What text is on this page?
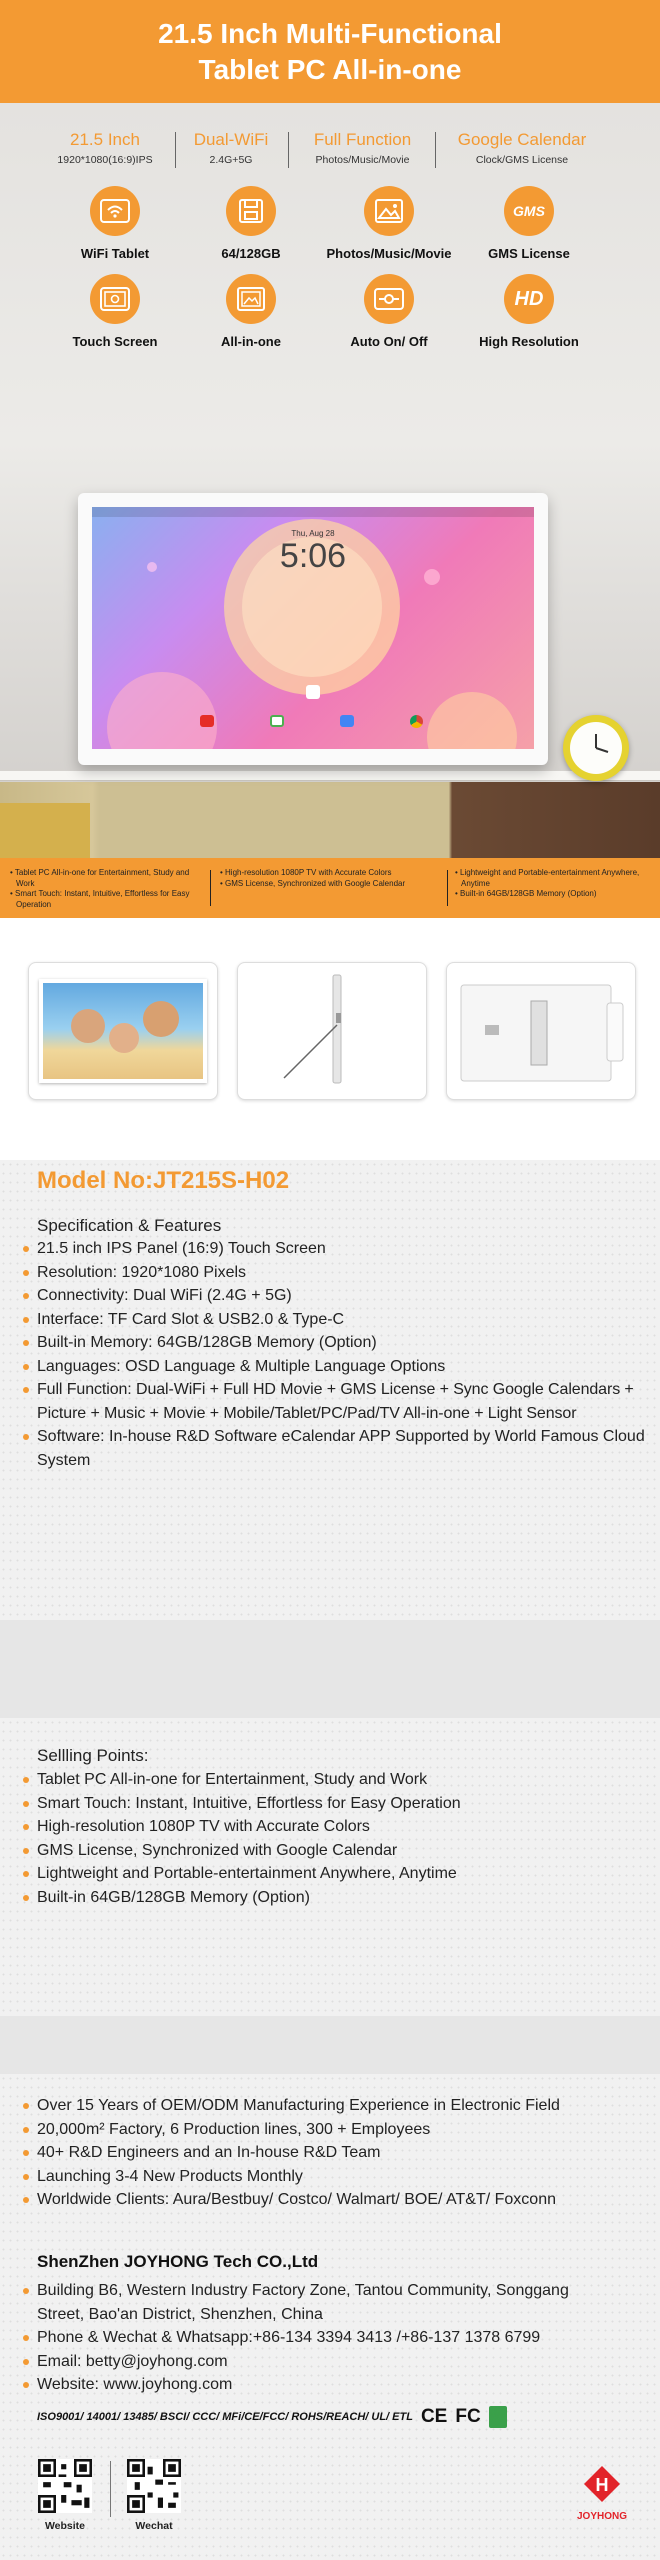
21.5 Inch Multi-Functional
Tablet PC All-in-one
21.5 Inch
1920*1080(16:9)IPS
Dual-WiFi
2.4G+5G
Full Function
Photos/Music/Movie
Google Calendar
Clock/GMS License
WiFi Tablet	64/128GB	Photos/Music/Movie
GMS
GMS License
Touch Screen	All-in-one	Auto On/ Off
HD
High Resolution
Thu, Aug 28
5:06
• Tablet PC All-in-one for Entertainment, Study and Work
• Smart Touch: Instant, Intuitive, Effortless for Easy Operation
• High-resolution 1080P TV with Accurate Colors
• GMS License, Synchronized with Google Calendar
• Lightweight and Portable-entertainment Anywhere, Anytime
• Built-in 64GB/128GB Memory (Option)
Model No:JT215S-H02
Specification & Features
21.5 inch IPS Panel (16:9) Touch Screen
Resolution: 1920*1080 Pixels
Connectivity: Dual WiFi (2.4G + 5G)
Interface: TF Card Slot & USB2.0 & Type-C
Built-in Memory: 64GB/128GB Memory (Option)
Languages: OSD Language & Multiple Language Options
Full Function: Dual-WiFi + Full HD Movie + GMS License + Sync Google Calendars + Picture + Music + Movie + Mobile/Tablet/PC/Pad/TV All-in-one + Light Sensor
Software: In-house R&D Software eCalendar APP Supported by World Famous Cloud System
Sellling Points:
Tablet PC All-in-one for Entertainment, Study and Work
Smart Touch: Instant, Intuitive, Effortless for Easy Operation
High-resolution 1080P TV with Accurate Colors
GMS License, Synchronized with Google Calendar
Lightweight and Portable-entertainment Anywhere, Anytime
Built-in 64GB/128GB Memory (Option)
Over 15 Years of OEM/ODM Manufacturing Experience in Electronic Field
20,000m² Factory, 6 Production lines, 300 + Employees
40+ R&D Engineers and an In-house R&D Team
Launching 3-4 New Products Monthly
Worldwide Clients: Aura/Bestbuy/ Costco/ Walmart/ BOE/ AT&T/ Foxconn
ShenZhen JOYHONG Tech CO.,Ltd
Building B6, Western Industry Factory Zone, Tantou Community, Songgang Street, Bao'an District, Shenzhen, China
Phone & Wechat & Whatsapp:+86-134 3394 3413 /+86-137 1378 6799
Email: betty@joyhong.com
Website: www.joyhong.com
ISO9001/ 14001/ 13485/ BSCI/ CCC/ MFi/CE/FCC/ ROHS/REACH/ UL/ ETL CE FC
Website	Wechat
H
JOYHONG
